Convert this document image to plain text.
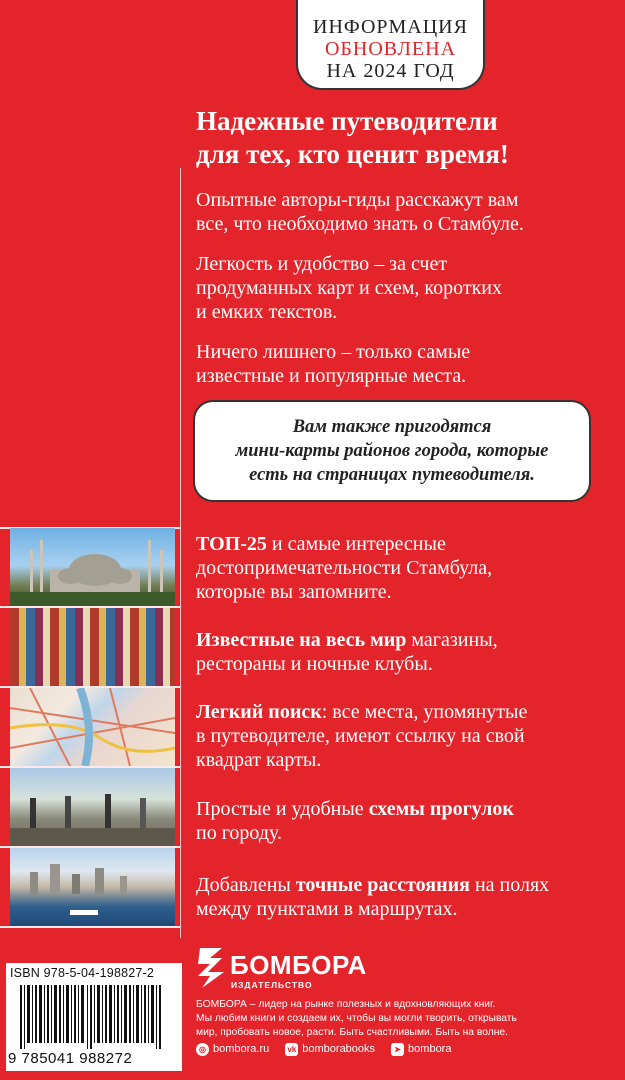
ИНФОРМАЦИЯ
ОБНОВЛЕНА
НА 2024 ГОД
Надежные путеводители
для тех, кто ценит время!
Опытные авторы-гиды расскажут вам
все, что необходимо знать о Стамбуле.
Легкость и удобство – за счет
продуманных карт и схем, коротких
и емких текстов.
Ничего лишнего – только самые
известные и популярные места.
Вам также пригодятся
мини-карты районов города, которые
есть на страницах путеводителя.
ТОП-25 и самые интересные
достопримечательности Стамбула,
которые вы запомните.
Известные на весь мир магазины,
рестораны и ночные клубы.
Легкий поиск: все места, упомянутые
в путеводителе, имеют ссылку на свой
квадрат карты.
Простые и удобные схемы прогулок
по городу.
Добавлены точные расстояния на полях
между пунктами в маршрутах.
ISBN 978-5-04-198827-2
9 785041 988272
БОМБОРА
ИЗДАТЕЛЬСТВО
БОМБОРА – лидер на рынке полезных и вдохновляющих книг.
Мы любим книги и создаем их, чтобы вы могли творить, открывать
мир, пробовать новое, расти. Быть счастливыми. Быть на волне.
◎ bombora.ru vk bomborabooks	➤ bombora
